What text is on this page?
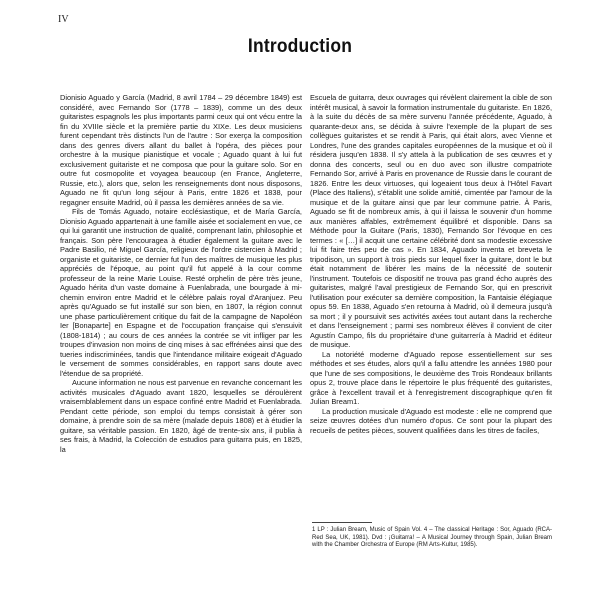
IV
Introduction

Dionisio Aguado y García (Madrid, 8 avril 1784 – 29 décembre 1849) est considéré, avec Fernando Sor (1778 – 1839), comme un des deux guitaristes espagnols les plus importants parmi ceux qui ont vécu entre la fin du XVIIIe siècle et la première partie du XIXe. Les deux musiciens furent cependant très distincts l'un de l'autre : Sor exerça la composition dans des genres divers allant du ballet à l'opéra, des pièces pour orchestre à la musique pianistique et vocale ; Aguado quant à lui fut exclusivement guitariste et ne composa que pour la guitare solo. Sor en outre fut cosmopolite et voyagea beaucoup (en France, Angleterre, Russie, etc.), alors que, selon les renseignements dont nous disposons, Aguado ne fit qu'un long séjour à Paris, entre 1826 et 1838, pour regagner ensuite Madrid, où il passa les dernières années de sa vie.

Fils de Tomás Aguado, notaire ecclésiastique, et de María García, Dionisio Aguado appartenait à une famille aisée et socialement en vue, ce qui lui garantit une instruction de qualité, comprenant latin, philosophie et français. Son père l'encouragea à étudier également la guitare avec le Padre Basilio, né Miguel García, religieux de l'ordre cistercien à Madrid ; organiste et guitariste, ce dernier fut l'un des maîtres de musique les plus appréciés de l'époque, au point qu'il fut appelé à la cour comme professeur de la reine Marie Louise. Resté orphelin de père très jeune, Aguado hérita d'un vaste domaine à Fuenlabrada, une bourgade à mi-chemin environ entre Madrid et le célèbre palais royal d'Aranjuez. Peu après qu'Aguado se fut installé sur son bien, en 1807, la région connut une phase particulièrement critique du fait de la campagne de Napoléon Ier [Bonaparte] en Espagne et de l'occupation française qui s'ensuivit (1808-1814) ; au cours de ces années la contrée se vit infliger par les troupes d'invasion non moins de cinq mises à sac effrénées ainsi que des tueries indiscriminées, tandis que l'intendance militaire exigeait d'Aguado le versement de sommes considérables, en rapport sans doute avec l'étendue de sa propriété.

Aucune information ne nous est parvenue en revanche concernant les activités musicales d'Aguado avant 1820, lesquelles se déroulèrent vraisemblablement dans un espace confiné entre Madrid et Fuenlabrada. Pendant cette période, son emploi du temps consistait à gérer son domaine, à prendre soin de sa mère (malade depuis 1808) et à étudier la guitare, sa véritable passion. En 1820, âgé de trente-six ans, il publia à ses frais, à Madrid, la Colección de estudios para guitarra puis, en 1825, la

Escuela de guitarra, deux ouvrages qui révèlent clairement la cible de son intérêt musical, à savoir la formation instrumentale du guitariste. En 1826, à la suite du décès de sa mère survenu l'année précédente, Aguado, à quarante-deux ans, se décida à suivre l'exemple de la plupart de ses collègues guitaristes et se rendit à Paris, qui était alors, avec Vienne et Londres, l'une des grandes capitales européennes de la musique et où il résidera jusqu'en 1838. Il s'y attela à la publication de ses œuvres et y donna des concerts, seul ou en duo avec son illustre compatriote Fernando Sor, arrivé à Paris en provenance de Russie dans le courant de 1826. Entre les deux virtuoses, qui logeaient tous deux à l'Hôtel Favart (Place des Italiens), s'établit une solide amitié, cimentée par l'amour de la musique et de la guitare ainsi que par leur commune patrie. À Paris, Aguado se fit de nombreux amis, à qui il laissa le souvenir d'un homme aux manières affables, extrêmement équilibré et disponible. Dans sa Méthode pour la Guitare (Paris, 1830), Fernando Sor l'évoque en ces termes : « […] il acquit une certaine célébrité dont sa modestie excessive lui fit faire très peu de cas ». En 1834, Aguado inventa et breveta le tripodison, un support à trois pieds sur lequel fixer la guitare, dont le but était notamment de libérer les mains de la nécessité de soutenir l'instrument. Toutefois ce dispositif ne trouva pas grand écho auprès des guitaristes, malgré l'aval prestigieux de Fernando Sor, qui en prescrivit l'utilisation pour exécuter sa dernière composition, la Fantaisie élégiaque opus 59. En 1838, Aguado s'en retourna à Madrid, où il demeura jusqu'à sa mort ; il y poursuivit ses activités axées tout autant dans la recherche et dans l'enseignement ; parmi ses nombreux élèves il convient de citer Agustín Campo, fils du propriétaire d'une guitarrería à Madrid et éditeur de musique.

La notoriété moderne d'Aguado repose essentiellement sur ses méthodes et ses études, alors qu'il a fallu attendre les années 1980 pour que l'une de ses compositions, le deuxième des Trois Rondeaux brillants opus 2, trouve place dans le répertoire le plus fréquenté des guitaristes, grâce à l'excellent travail et à l'enregistrement discographique qu'en fit Julian Bream1.

La production musicale d'Aguado est modeste : elle ne comprend que seize œuvres dotées d'un numéro d'opus. Ce sont pour la plupart des recueils de petites pièces, souvent qualifiées dans les titres de faciles,

1 LP : Julian Bream, Music of Spain Vol. 4 – The classical Heritage : Sor, Aguado (RCA-Red Sea, UK, 1981). Dvd : ¡Guitarra! – A Musical Journey through Spain, Julian Bream with the Chamber Orchestra of Europe (RM Arts-Kultur, 1985).
